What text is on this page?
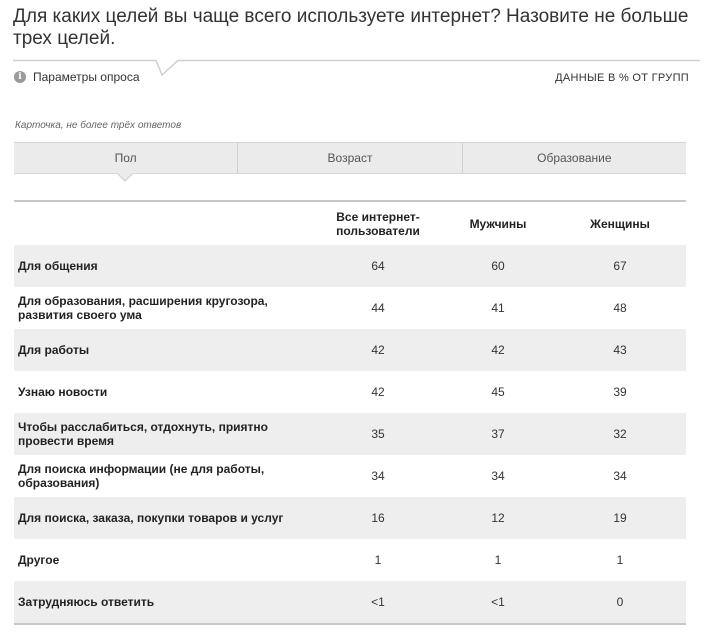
Для каких целей вы чаще всего используете интернет? Назовите не больше трех целей.
i Параметры опроса	ДАННЫЕ В % ОТ ГРУПП
Карточка, не более трёх ответов
Пол	Возраст	Образование
Все интернет-пользователи	Мужчины	Женщины
Для общения	64	60	67
Для образования, расширения кругозора, развития своего ума	44	41	48
Для работы	42	42	43
Узнаю новости	42	45	39
Чтобы расслабиться, отдохнуть, приятно провести время	35	37	32
Для поиска информации (не для работы, образования)	34	34	34
Для поиска, заказа, покупки товаров и услуг	16	12	19
Другое	1	1	1
Затрудняюсь ответить	<1	<1	0
